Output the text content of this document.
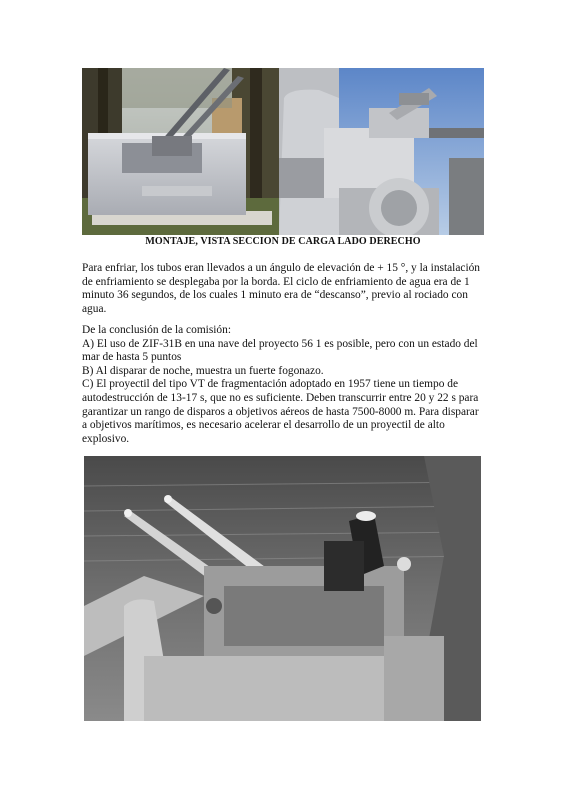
MONTAJE, VISTA SECCION DE CARGA LADO DERECHO

Para enfriar, los tubos eran llevados a un ángulo de elevación de + 15 °, y la instalación de enfriamiento se desplegaba por la borda. El ciclo de enfriamiento de agua era de 1 minuto 36 segundos, de los cuales 1 minuto era de “descanso”, previo al rociado con agua.

De la conclusión de la comisión:

A) El uso de ZIF-31B en una nave del proyecto 56 1 es posible, pero con un estado del mar de hasta 5 puntos

B) Al disparar de noche, muestra un fuerte fogonazo.

C) El proyectil del tipo VT de fragmentación adoptado en 1957 tiene un tiempo de autodestrucción de 13-17 s, que no es suficiente. Deben transcurrir entre 20 y 22 s para garantizar un rango de disparos a objetivos aéreos de hasta 7500-8000 m. Para disparar a objetivos marítimos, es necesario acelerar el desarrollo de un proyectil de alto explosivo.
